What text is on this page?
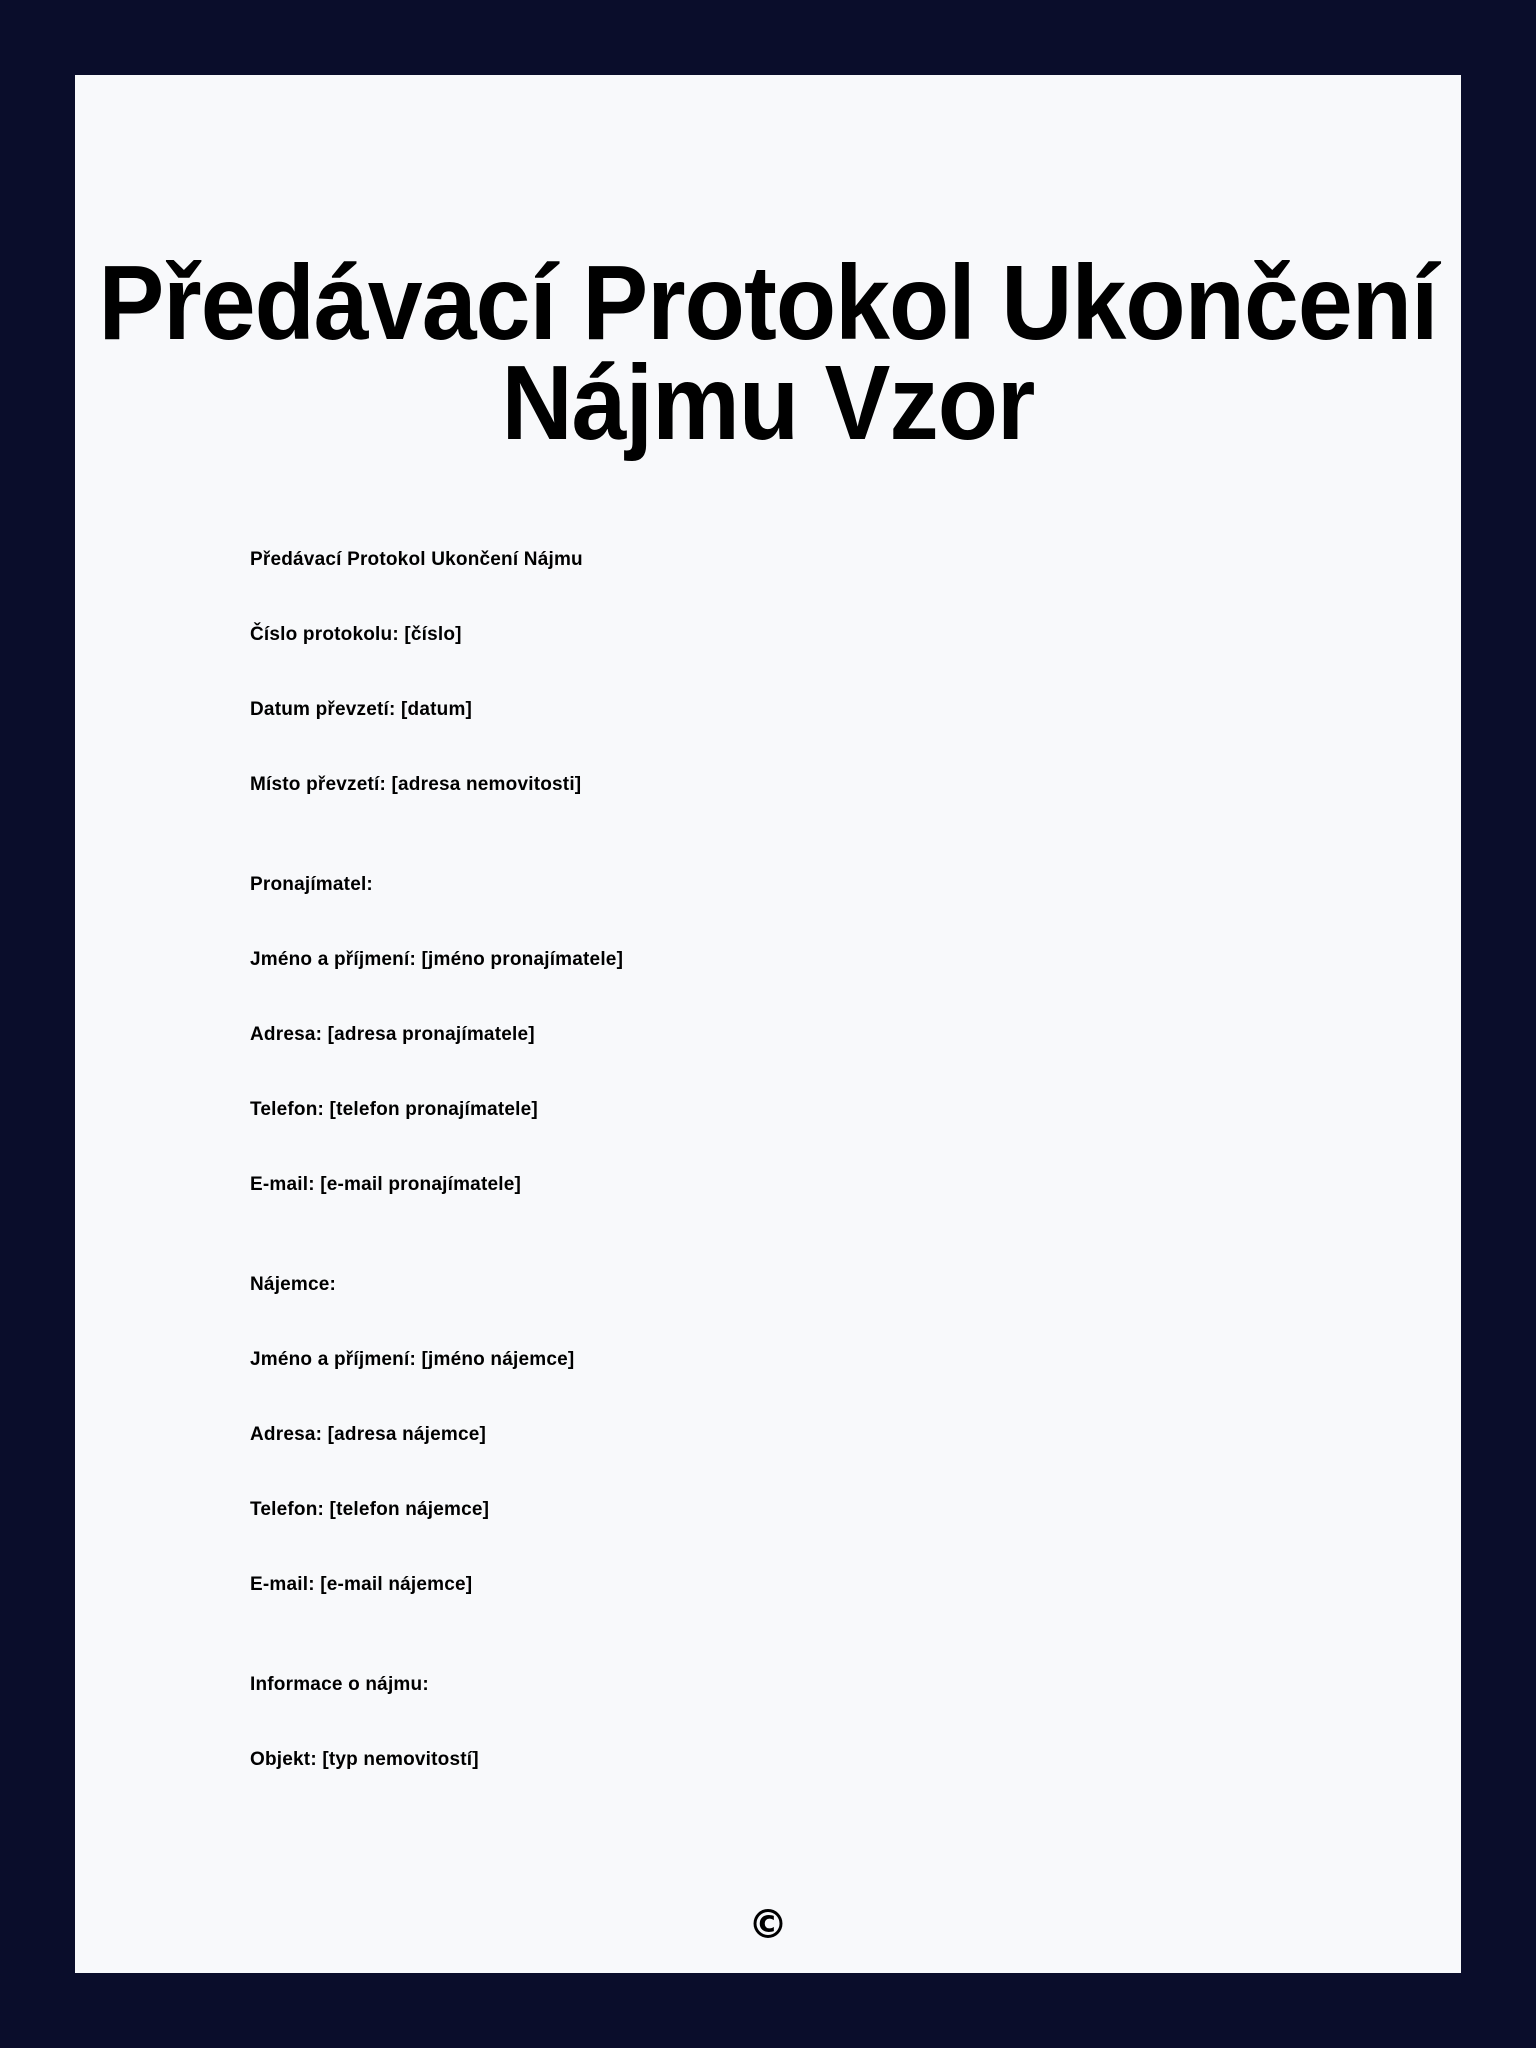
Předávací Protokol Ukončení Nájmu Vzor
Předávací Protokol Ukončení Nájmu
Číslo protokolu: [číslo]
Datum převzetí: [datum]
Místo převzetí: [adresa nemovitosti]
Pronajímatel:
Jméno a příjmení: [jméno pronajímatele]
Adresa: [adresa pronajímatele]
Telefon: [telefon pronajímatele]
E-mail: [e-mail pronajímatele]
Nájemce:
Jméno a příjmení: [jméno nájemce]
Adresa: [adresa nájemce]
Telefon: [telefon nájemce]
E-mail: [e-mail nájemce]
Informace o nájmu:
Objekt: [typ nemovitostí]
©
